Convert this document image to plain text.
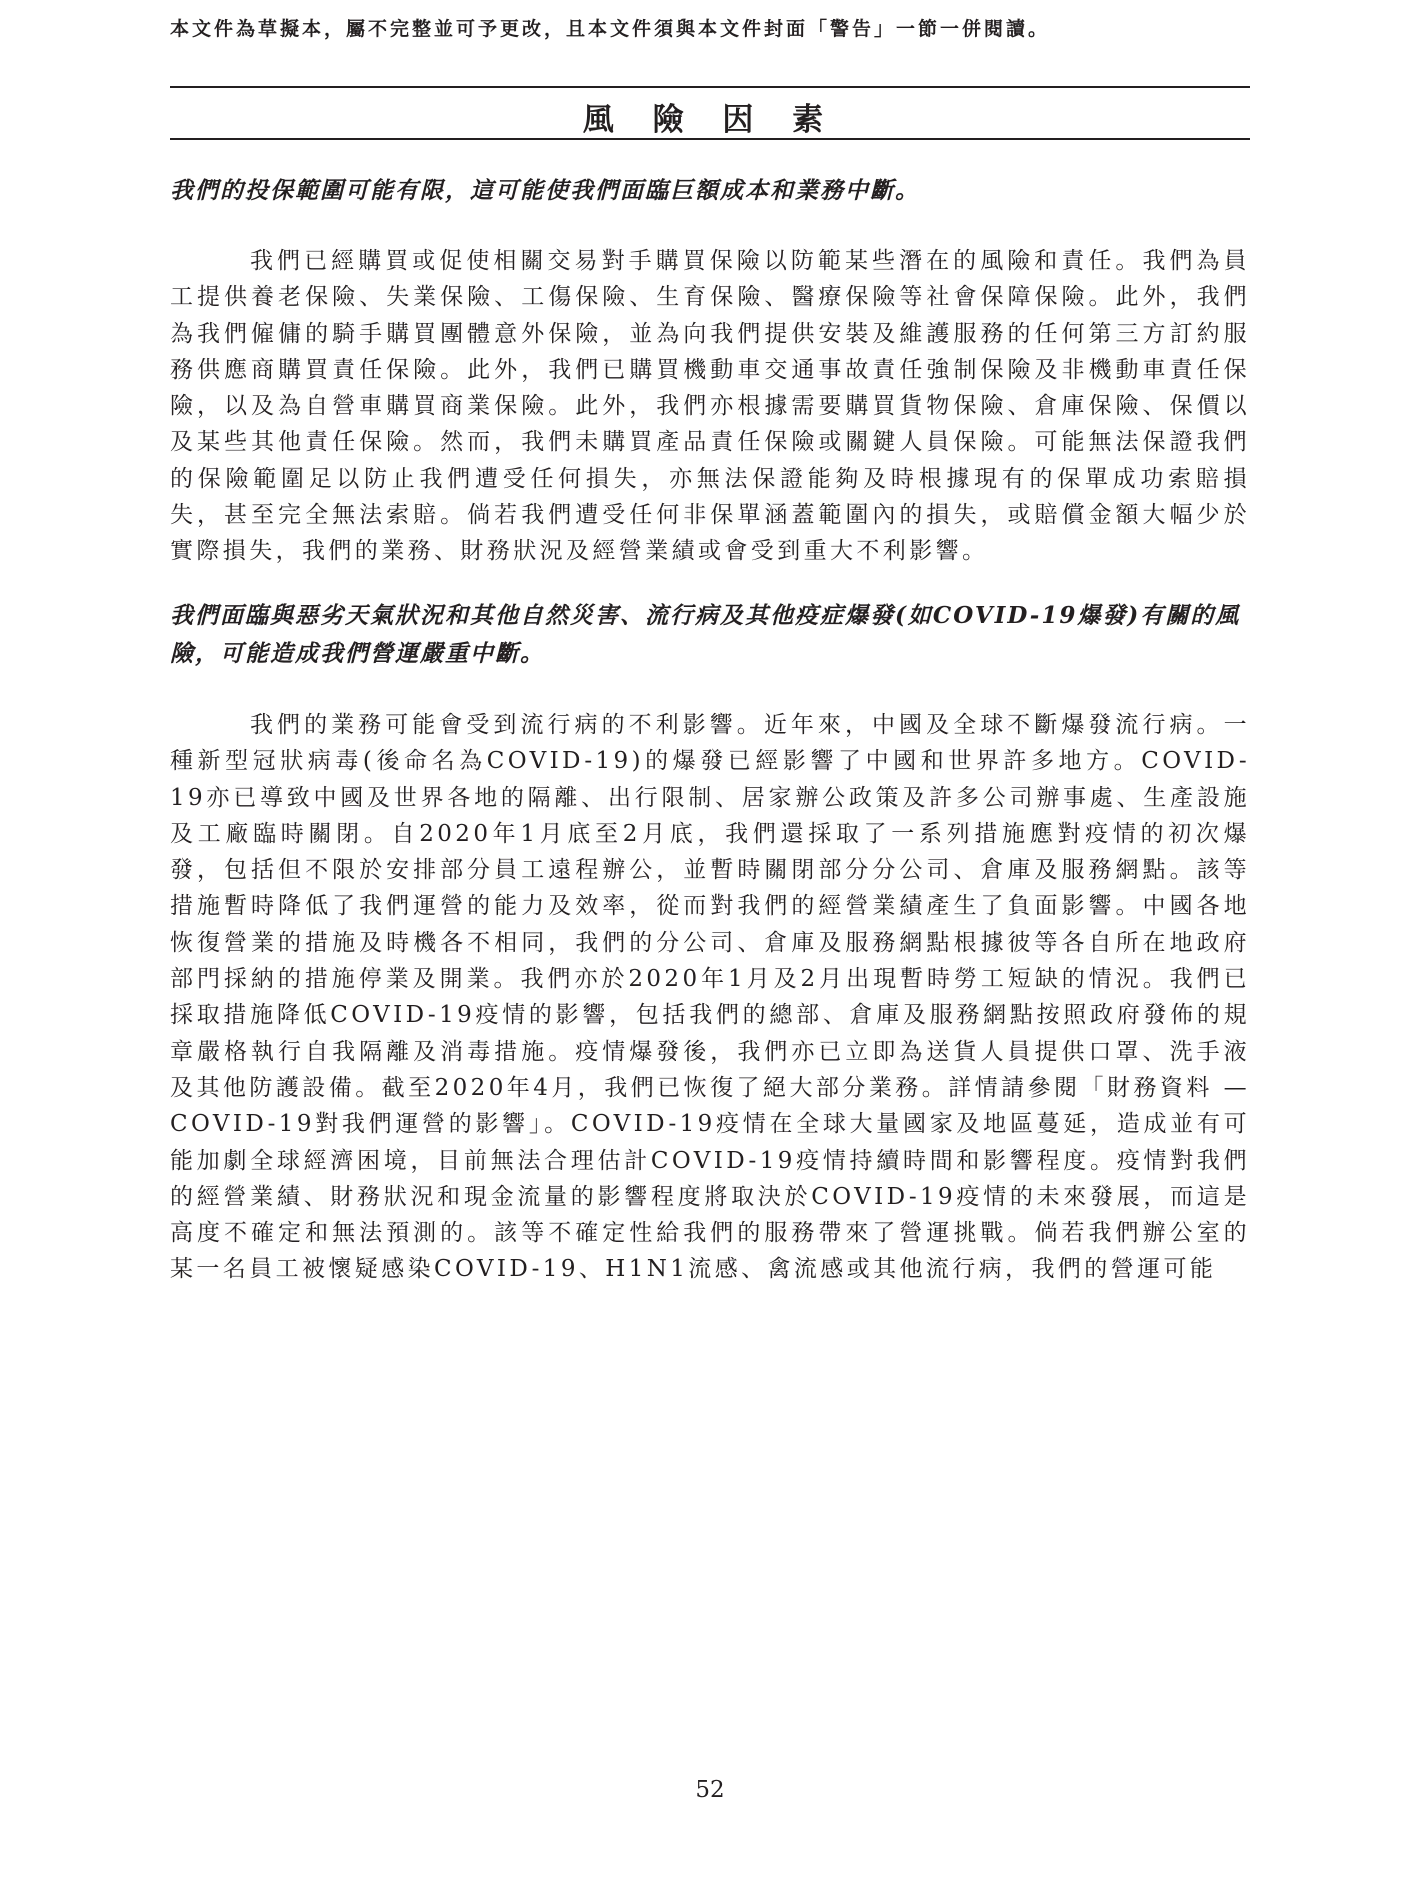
本文件為草擬本，屬不完整並可予更改，且本文件須與本文件封面「警告」一節一併閱讀。
風 險 因 素
我們的投保範圍可能有限，這可能使我們面臨巨額成本和業務中斷。

我們已經購買或促使相關交易對手購買保險以防範某些潛在的風險和責任。我們為員工提供養老保險、失業保險、工傷保險、生育保險、醫療保險等社會保障保險。此外，我們為我們僱傭的騎手購買團體意外保險，並為向我們提供安裝及維護服務的任何第三方訂約服務供應商購買責任保險。此外，我們已購買機動車交通事故責任強制保險及非機動車責任保險，以及為自營車購買商業保險。此外，我們亦根據需要購買貨物保險、倉庫保險、保價以及某些其他責任保險。然而，我們未購買產品責任保險或關鍵人員保險。可能無法保證我們的保險範圍足以防止我們遭受任何損失，亦無法保證能夠及時根據現有的保單成功索賠損失，甚至完全無法索賠。倘若我們遭受任何非保單涵蓋範圍內的損失，或賠償金額大幅少於實際損失，我們的業務、財務狀況及經營業績或會受到重大不利影響。

我們面臨與惡劣天氣狀況和其他自然災害、流行病及其他疫症爆發(如COVID-19爆發)有關的風險，可能造成我們營運嚴重中斷。

我們的業務可能會受到流行病的不利影響。近年來，中國及全球不斷爆發流行病。一種新型冠狀病毒(後命名為COVID-19)的爆發已經影響了中國和世界許多地方。COVID-19亦已導致中國及世界各地的隔離、出行限制、居家辦公政策及許多公司辦事處、生產設施及工廠臨時關閉。自2020年1月底至2月底，我們還採取了一系列措施應對疫情的初次爆發，包括但不限於安排部分員工遠程辦公，並暫時關閉部分分公司、倉庫及服務網點。該等措施暫時降低了我們運營的能力及效率，從而對我們的經營業績產生了負面影響。中國各地恢復營業的措施及時機各不相同，我們的分公司、倉庫及服務網點根據彼等各自所在地政府部門採納的措施停業及開業。我們亦於2020年1月及2月出現暫時勞工短缺的情況。我們已採取措施降低COVID-19疫情的影響，包括我們的總部、倉庫及服務網點按照政府發佈的規章嚴格執行自我隔離及消毒措施。疫情爆發後，我們亦已立即為送貨人員提供口罩、洗手液及其他防護設備。截至2020年4月，我們已恢復了絕大部分業務。詳情請參閱「財務資料 — COVID-19對我們運營的影響」。COVID-19疫情在全球大量國家及地區蔓延，造成並有可能加劇全球經濟困境，目前無法合理估計COVID-19疫情持續時間和影響程度。疫情對我們的經營業績、財務狀況和現金流量的影響程度將取決於COVID-19疫情的未來發展，而這是高度不確定和無法預測的。該等不確定性給我們的服務帶來了營運挑戰。倘若我們辦公室的某一名員工被懷疑感染COVID-19、H1N1流感、禽流感或其他流行病，我們的營運可能

52
